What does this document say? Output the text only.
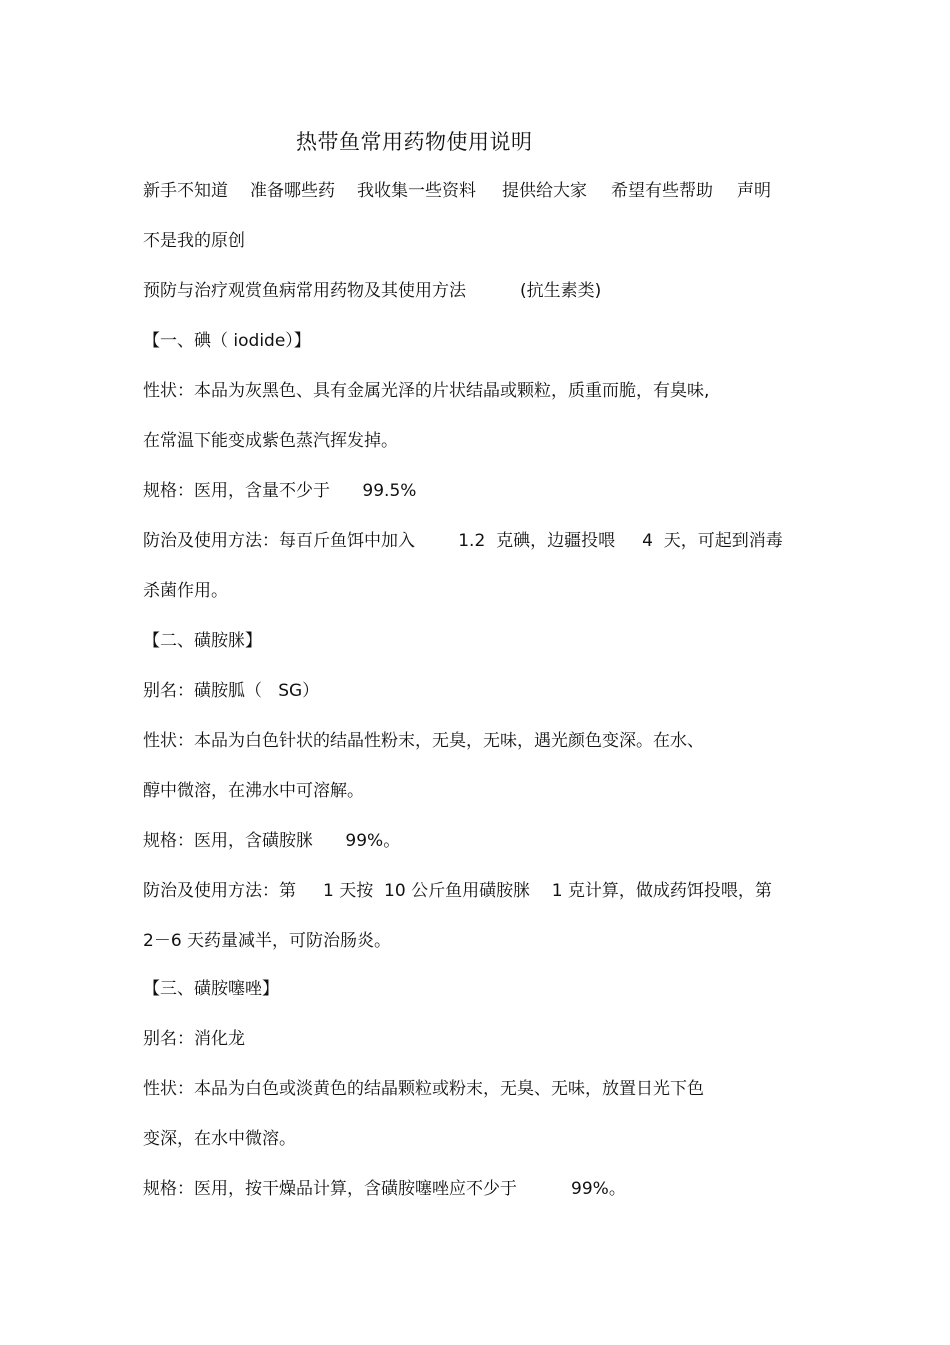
热带鱼常用药物使用说明
新手不知道 准备哪些药 我收集一些资料 提供给大家 希望有些帮助 声明
不是我的原创
预防与治疗观赏鱼病常用药物及其使用方法          (抗生素类)
【一、碘（ iodide）】
性状：本品为灰黑色、具有金属光泽的片状结晶或颗粒，质重而脆，有臭味,
在常温下能变成紫色蒸汽挥发掉。
规格：医用，含量不少于      99.5%
防治及使用方法：每百斤鱼饵中加入        1.2  克碘，边疆投喂     4  天，可起到消毒
杀菌作用。
【二、磺胺脒】
别名：磺胺胍（   SG）
性状：本品为白色针状的结晶性粉末，无臭，无味，遇光颜色变深。在水、
醇中微溶，在沸水中可溶解。
规格：医用，含磺胺脒      99%。
防治及使用方法：第     1 天按  10 公斤鱼用磺胺脒    1 克计算，做成药饵投喂，第
2－6 天药量减半，可防治肠炎。
【三、磺胺噻唑】
别名：消化龙
性状：本品为白色或淡黄色的结晶颗粒或粉末，无臭、无味，放置日光下色
变深，在水中微溶。
规格：医用，按干燥品计算，含磺胺噻唑应不少于          99%。
